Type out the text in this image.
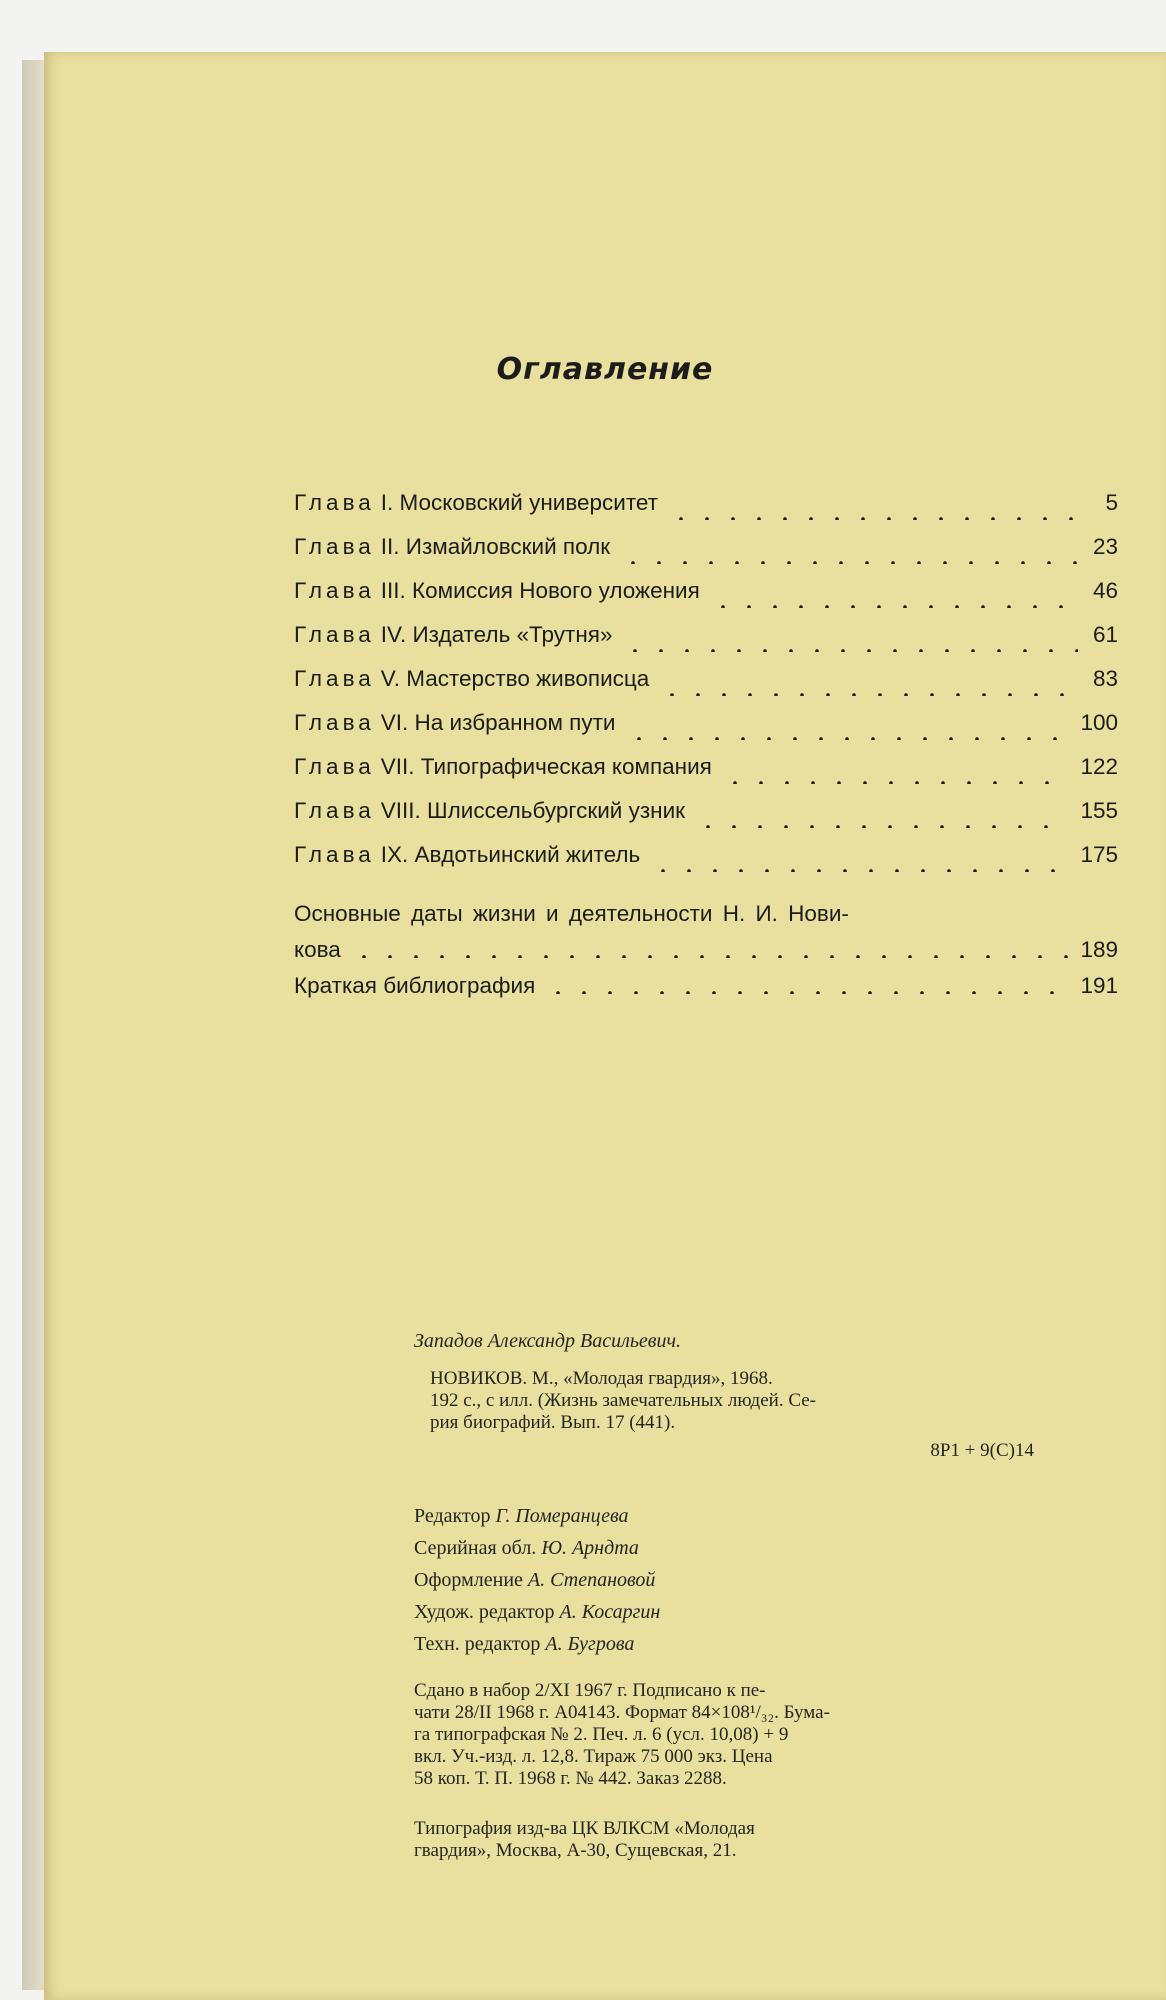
Оглавление
Глава I. Московский университет	5
Глава II. Измайловский полк	23
Глава III. Комиссия Нового уложения	46
Глава IV. Издатель «Трутня»	61
Глава V. Мастерство живописца	83
Глава VI. На избранном пути	100
Глава VII. Типографическая компания	122
Глава VIII. Шлиссельбургский узник	155
Глава IX. Авдотьинский житель	175
Основные даты жизни и деятельности Н. И. Нови-
кова	189
Краткая библиография	191

Западов Александр Васильевич.

НОВИКОВ. М., «Молодая гвардия», 1968.

192 с., с илл. (Жизнь замечательных людей. Се-

рия биографий. Вып. 17 (441).

8Р1 + 9(С)14

Редактор Г. Померанцева
Серийная обл. Ю. Арндта
Оформление А. Степановой
Худож. редактор А. Косаргин
Техн. редактор А. Бугрова

Сдано в набор 2/XI 1967 г. Подписано к пе-

чати 28/II 1968 г. А04143. Формат 84×108¹/₃₂. Бума-

га типографская № 2. Печ. л. 6 (усл. 10,08) + 9

вкл. Уч.-изд. л. 12,8. Тираж 75 000 экз. Цена

58 коп. Т. П. 1968 г. № 442. Заказ 2288.

Типография изд-ва ЦК ВЛКСМ «Молодая

гвардия», Москва, А-30, Сущевская, 21.
